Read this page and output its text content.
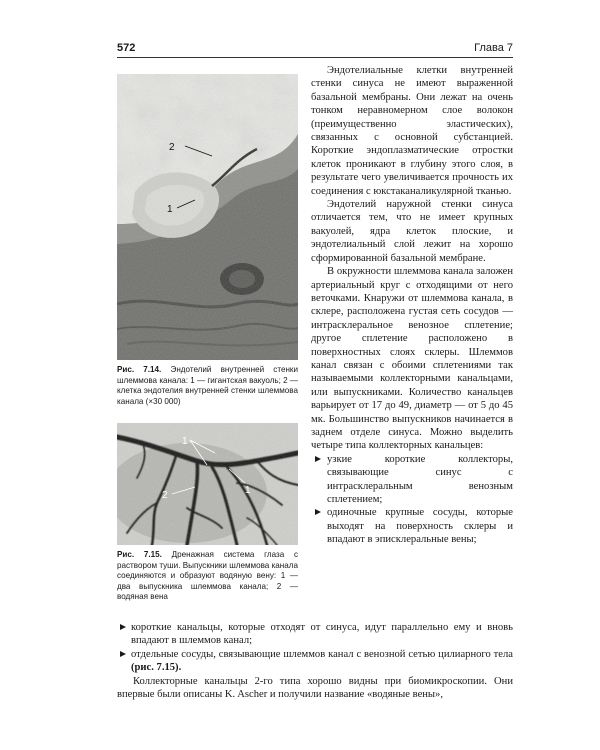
572	Глава 7
2
1
Рис. 7.14. Эндотелий внутренней стенки шлеммова канала: 1 — гигантская вакуоль; 2 — клетка эндотелия внутренней стенки шлеммова канала (×30 000)
1
2	1
Рис. 7.15. Дренажная система глаза с раствором туши. Выпускники шлеммова канала соединяются и образуют водяную вену: 1 — два выпускника шлеммова канала; 2 — водяная вена

Эндотелиальные клетки внутренней стенки синуса не имеют выраженной базальной мембраны. Они лежат на очень тонком неравномерном слое волокон (преимущественно эластических), связанных с основной субстанцией. Короткие эндоплазматические отростки клеток проникают в глубину этого слоя, в результате чего увеличивается прочность их соединения с юкстаканаликулярной тканью.

Эндотелий наружной стенки синуса отличается тем, что не имеет крупных вакуолей, ядра клеток плоские, и эндотелиальный слой лежит на хорошо сформированной базальной мембране.

В окружности шлеммова канала заложен артериальный круг с отходящими от него веточками. Кнаружи от шлеммова канала, в склере, расположена густая сеть сосудов — интрасклеральное венозное сплетение; другое сплетение расположено в поверхностных слоях склеры. Шлеммов канал связан с обоими сплетениями так называемыми коллекторными канальцами, или выпускниками. Количество канальцев варьирует от 17 до 49, диаметр — от 5 до 45 мк. Большинство выпускников начинается в заднем отделе синуса. Можно выделить четыре типа коллекторных канальцев:

узкие короткие коллекторы, связывающие синус с интрасклеральным венозным сплетением;
одиночные крупные сосуды, которые выходят на поверхность склеры и впадают в эписклеральные вены;
короткие канальцы, которые отходят от синуса, идут параллельно ему и вновь впадают в шлеммов канал;
отдельные сосуды, связывающие шлеммов канал с венозной сетью цилиарного тела (рис. 7.15).

Коллекторные канальцы 2-го типа хорошо видны при биомикроскопии. Они впервые были описаны K. Ascher и получили название «водяные вены»,
